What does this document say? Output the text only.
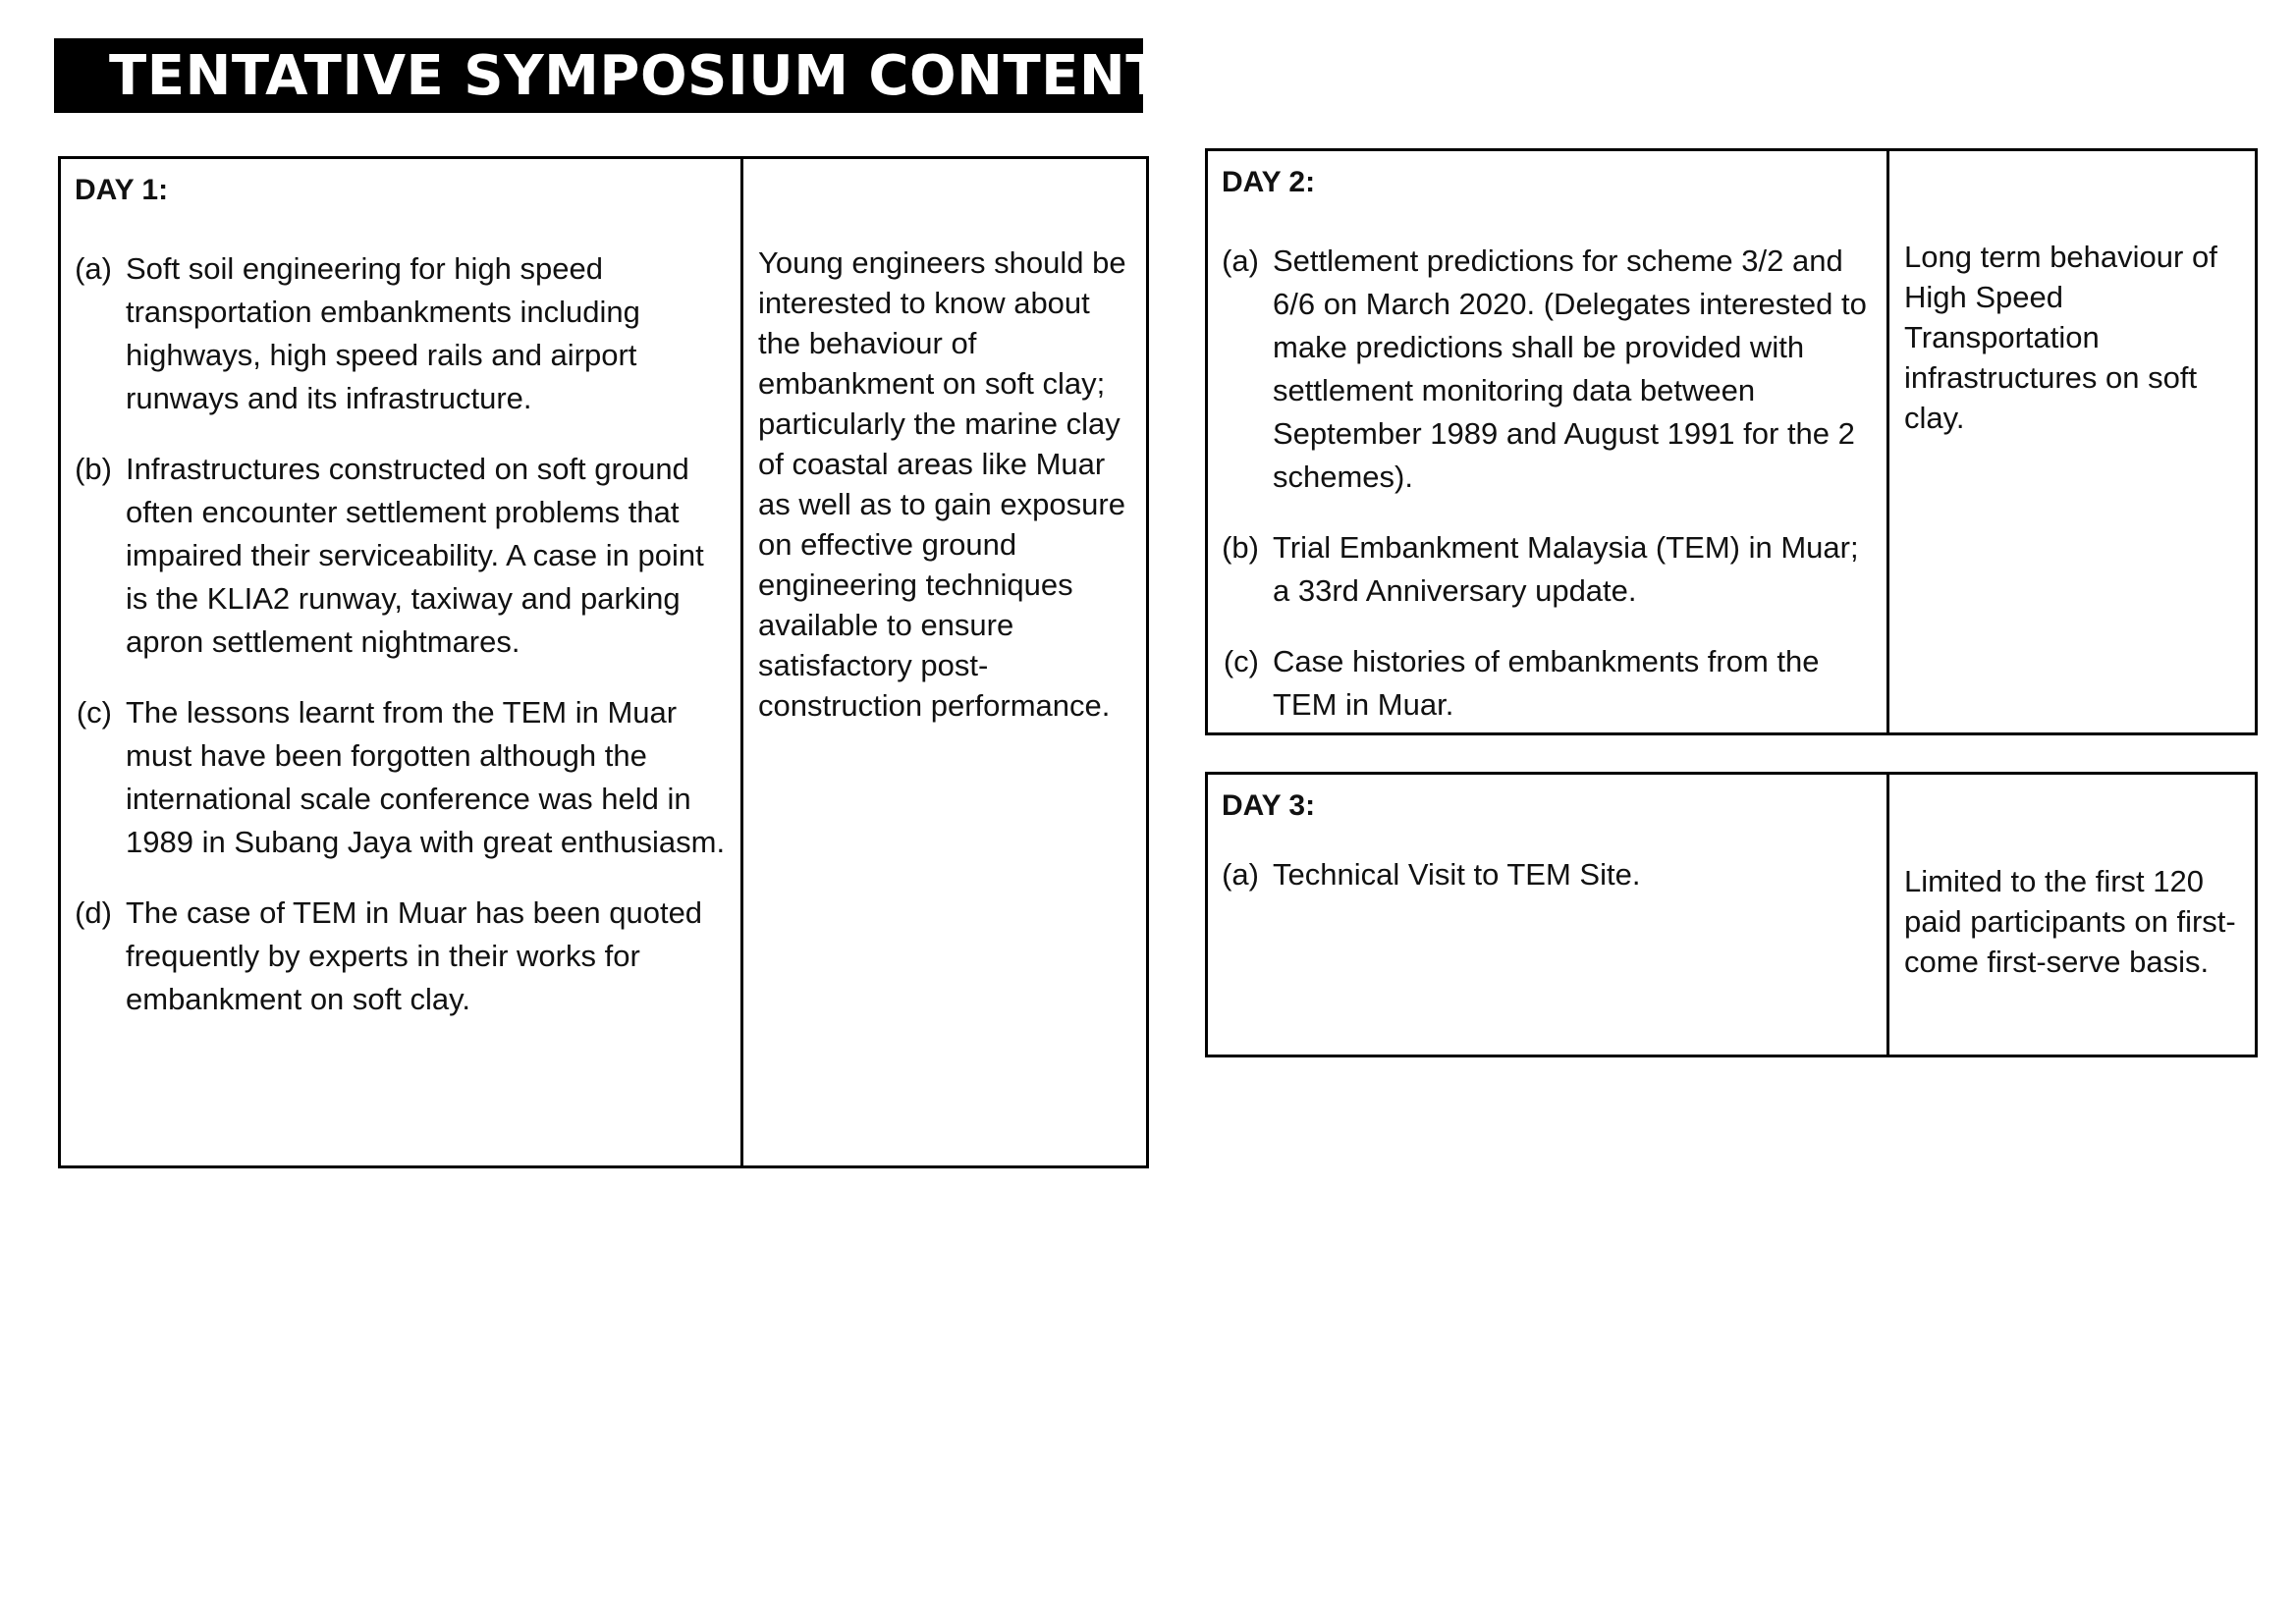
TENTATIVE SYMPOSIUM CONTENTS

DAY 1:

(a) Soft soil engineering for high speed transportation embankments including highways, high speed rails and airport runways and its infrastructure.
(b) Infrastructures constructed on soft ground often encounter settlement problems that impaired their serviceability. A case in point is the KLIA2 runway, taxiway and parking apron settlement nightmares.
(c) The lessons learnt from the TEM in Muar must have been forgotten although the international scale conference was held in 1989 in Subang Jaya with great enthusiasm.
(d) The case of TEM in Muar has been quoted frequently by experts in their works for embankment on soft clay.

Young engineers should be interested to know about the behaviour of embankment on soft clay; particularly the marine clay of coastal areas like Muar as well as to gain exposure on effective ground engineering techniques available to ensure satisfactory post-construction performance.

DAY 2:

(a) Settlement predictions for scheme 3/2 and 6/6 on March 2020. (Delegates interested to make predictions shall be provided with settlement monitoring data between September 1989 and August 1991 for the 2 schemes).
(b) Trial Embankment Malaysia (TEM) in Muar; a 33rd Anniversary update.
(c) Case histories of embankments from the TEM in Muar.

Long term behaviour of High Speed Transportation infrastructures on soft clay.

DAY 3:

(a) Technical Visit to TEM Site.	Limited to the first 120 paid participants on first-come first-serve basis.
